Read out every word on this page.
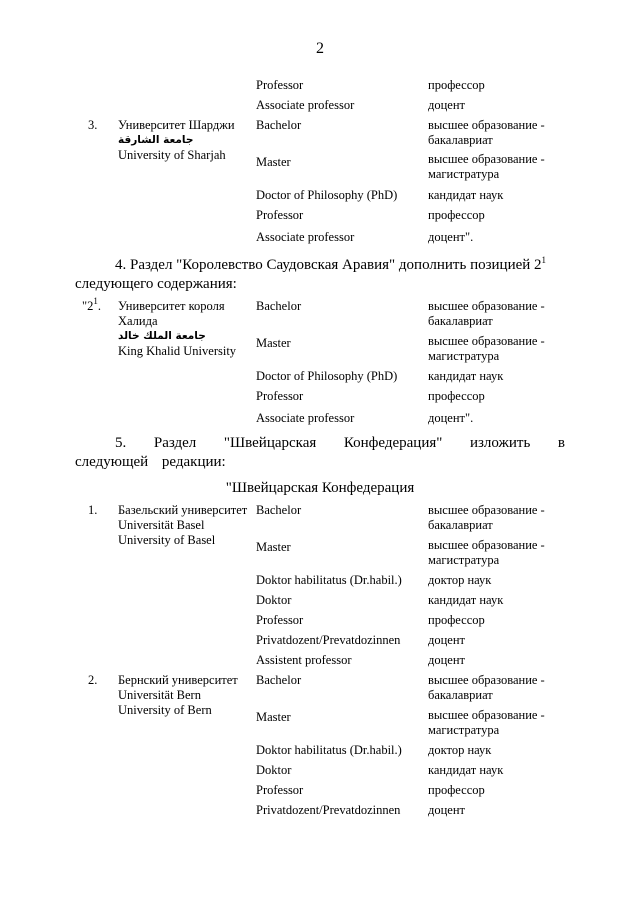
2
		Professor	профессор
		Associate professor	доцент
3.	Университет Шарджи
جامعة الشارقة
University of Sharjah	Bachelor	высшее образование -
бакалавриат
		Master	высшее образование -
магистратура
		Doctor of Philosophy (PhD)	кандидат наук
		Professor	профессор
		Associate professor	доцент".
4. Раздел "Королевство Саудовская Аравия" дополнить позицией $2^1$
следующего содержания:
"$2^1$.	Университет короля Халида
جامعة الملك خالد
King Khalid University	Bachelor	высшее образование -
бакалавриат
		Master	высшее образование -
магистратура
		Doctor of Philosophy (PhD)	кандидат наук
		Professor	профессор
		Associate professor	доцент".
5. Раздел "Швейцарская Конфедерация" изложить в следующей редакции:
"Швейцарская Конфедерация
1.	Базельский университет
Universität Basel
University of Basel	Bachelor	высшее образование -
бакалавриат
		Master	высшее образование -
магистратура
		Doktor habilitatus (Dr.habil.)	доктор наук
		Doktor	кандидат наук
		Professor	профессор
		Privatdozent/Prevatdozinnen	доцент
		Assistent professor	доцент
2.	Бернский университет
Universität Bern
University of Bern	Bachelor	высшее образование -
бакалавриат
		Master	высшее образование -
магистратура
		Doktor habilitatus (Dr.habil.)	доктор наук
		Doktor	кандидат наук
		Professor	профессор
		Privatdozent/Prevatdozinnen	доцент
